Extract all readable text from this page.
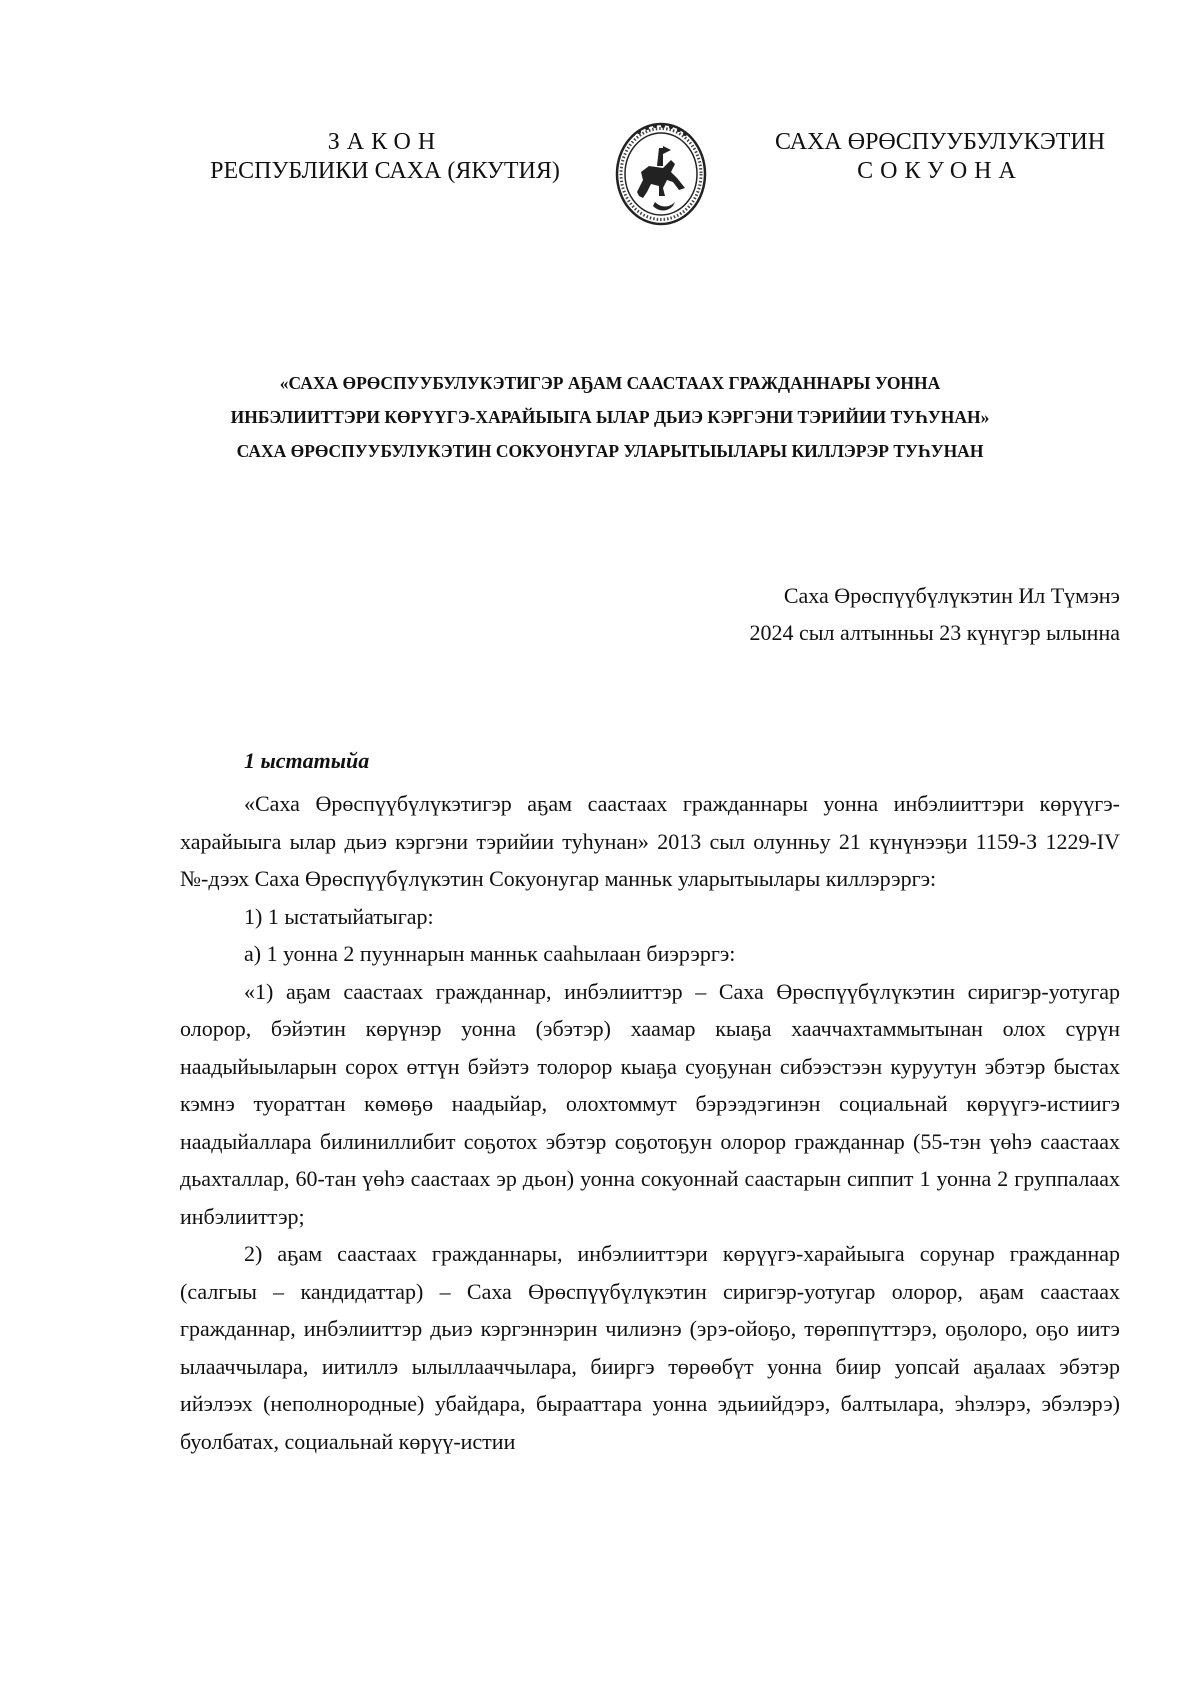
ЗАКОН
РЕСПУБЛИКИ САХА (ЯКУТИЯ)
САХА ӨРӨСПУУБУЛУКЭТИН
СОКУОНА
«САХА ӨРӨСПУУБУЛУКЭТИГЭР АҔАМ СААСТААХ ГРАЖДАННАРЫ УОННА
ИНБЭЛИИТТЭРИ КӨРҮҮГЭ-ХАРАЙЫЫГА ЫЛАР ДЬИЭ КЭРГЭНИ ТЭРИЙИИ ТУҺУНАН»
САХА ӨРӨСПУУБУЛУКЭТИН СОКУОНУГАР УЛАРЫТЫЫЛАРЫ КИЛЛЭРЭР ТУҺУНАН
Саха Өрөспүүбүлүкэтин Ил Түмэнэ
2024 сыл алтынньы 23 күнүгэр ылынна
1 ыстатыйа

«Саха Өрөспүүбүлүкэтигэр аҕам саастаах гражданнары уонна инбэлииттэри көрүүгэ-харайыыга ылар дьиэ кэргэни тэрийии туһунан» 2013 сыл олунньу 21 күнүнээҕи 1159-З 1229-IV №-дээх Саха Өрөспүүбүлүкэтин Сокуонугар манньк уларытыылары киллэрэргэ:

1) 1 ыстатыйатыгар:

а) 1 уонна 2 пууннарын манньк сааһылаан биэрэргэ:

«1) аҕам саастаах гражданнар, инбэлииттэр – Саха Өрөспүүбүлүкэтин сиригэр-уотугар олорор, бэйэтин көрүнэр уонна (эбэтэр) хаамар кыаҕа хааччахтаммытынан олох сүрүн наадыйыыларын сорох өттүн бэйэтэ толорор кыаҕа суоҕунан сибээстээн куруутун эбэтэр быстах кэмнэ туораттан көмөҕө наадыйар, олохтоммут бэрээдэгинэн социальнай көрүүгэ-истиигэ наадыйаллара билиниллибит соҕотох эбэтэр соҕотоҕун олорор гражданнар (55-тэн үөһэ саастаах дьахталлар, 60-тан үөһэ саастаах эр дьон) уонна сокуоннай саастарын сиппит 1 уонна 2 группалаах инбэлииттэр;

2) аҕам саастаах гражданнары, инбэлииттэри көрүүгэ-харайыыга сорунар гражданнар (салгыы – кандидаттар) – Саха Өрөспүүбүлүкэтин сиригэр-уотугар олорор, аҕам саастаах гражданнар, инбэлииттэр дьиэ кэргэннэрин чилиэнэ (эрэ-ойоҕо, төрөппүттэрэ, оҕолоро, оҕо иитэ ылааччылара, иитиллэ ылыллааччылара, бииргэ төрөөбүт уонна биир уопсай аҕалаах эбэтэр ийэлээх (неполнородные) убайдара, бырааттара уонна эдьиийдэрэ, балтылара, эһэлэрэ, эбэлэрэ) буолбатах, социальнай көрүү-истии
